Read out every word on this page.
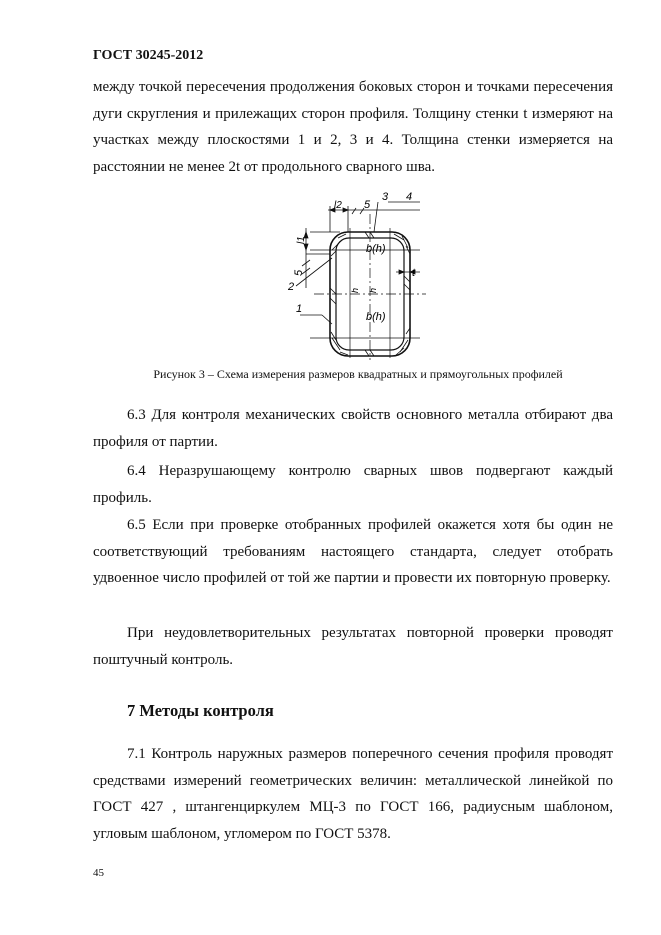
ГОСТ 30245-2012

между точкой пересечения продолжения боковых сторон и точками пересечения дуги скругления и прилежащих сторон профиля. Толщину стенки t измеряют на участках между плоскостями 1 и 2, 3 и 4. Толщина стенки измеряется на расстоянии не менее 2t от продольного сварного шва.

l2 5
3 4
l1
5
2
1
t
h h
b(h)
b(h)

Рисунок 3 – Схема измерения размеров квадратных и прямоугольных профилей

6.3 Для контроля механических свойств основного металла отбирают два профиля от партии.

6.4 Неразрушающему контролю сварных швов подвергают каждый профиль.

6.5 Если при проверке отобранных профилей окажется хотя бы один не соответствующий требованиям настоящего стандарта, следует отобрать удвоенное число профилей от той же партии и провести их повторную проверку.

При неудовлетворительных результатах повторной проверки проводят поштучный контроль.

7 Методы контроля

7.1 Контроль наружных размеров поперечного сечения профиля проводят средствами измерений геометрических величин: металлической линейкой по ГОСТ 427 , штангенциркулем МЦ-3 по ГОСТ 166, радиусным шаблоном, угловым шаблоном, угломером по ГОСТ 5378.

45
